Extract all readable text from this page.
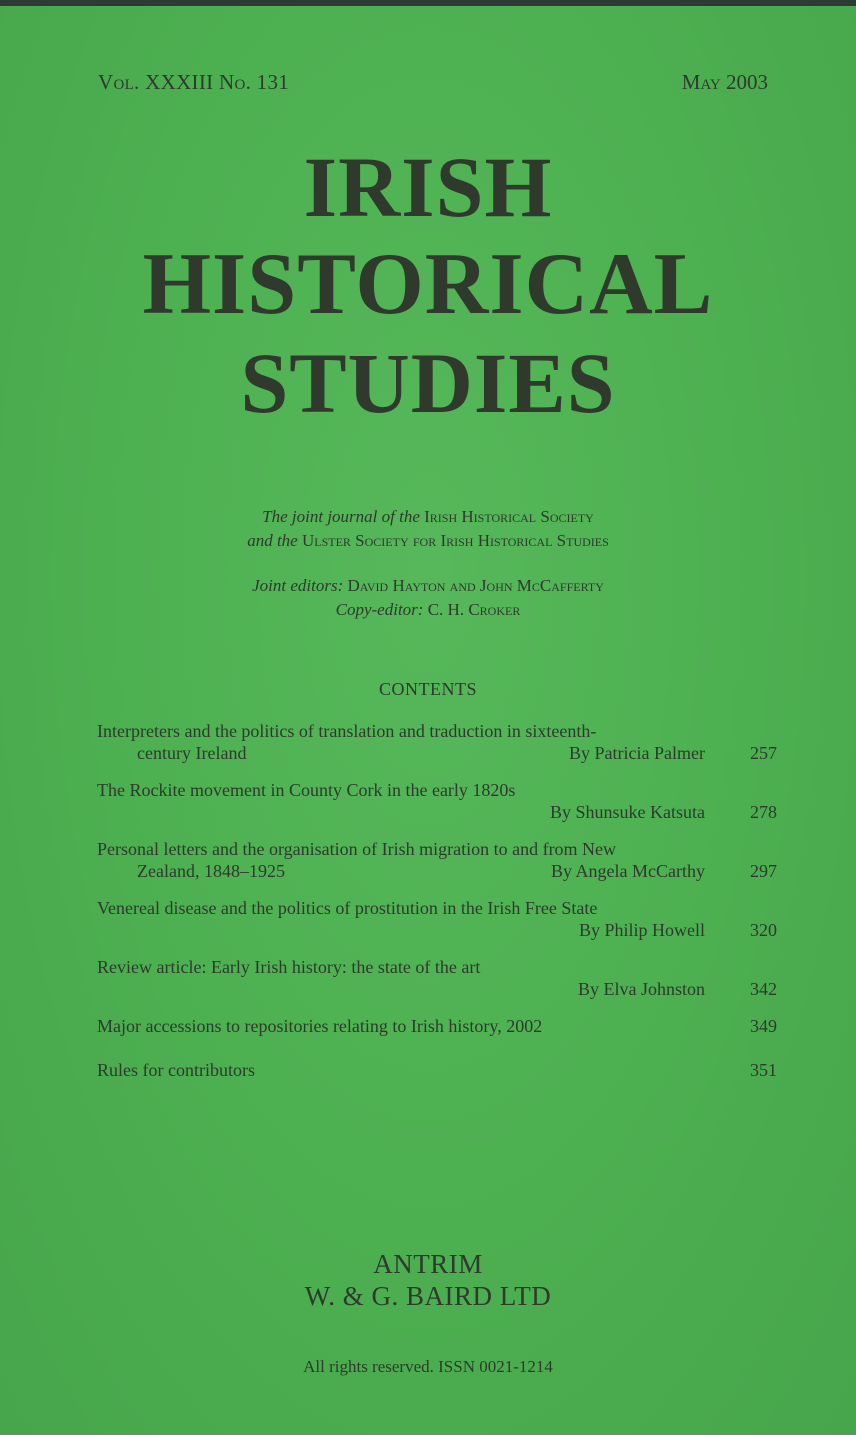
Vol. XXXIII No. 131	May 2003
IRISH
HISTORICAL
STUDIES
The joint journal of the Irish Historical Society
and the Ulster Society for Irish Historical Studies
Joint editors: David Hayton and John McCafferty
Copy-editor: C. H. Croker
CONTENTS
Interpreters and the politics of translation and traduction in sixteenth-
century Ireland	By Patricia Palmer	257
The Rockite movement in County Cork in the early 1820s
By Shunsuke Katsuta	278
Personal letters and the organisation of Irish migration to and from New
Zealand, 1848–1925	By Angela McCarthy	297
Venereal disease and the politics of prostitution in the Irish Free State
By Philip Howell	320
Review article: Early Irish history: the state of the art
By Elva Johnston	342
Major accessions to repositories relating to Irish history, 2002	349
Rules for contributors	351
ANTRIM
W. & G. BAIRD LTD
All rights reserved. ISSN 0021-1214
